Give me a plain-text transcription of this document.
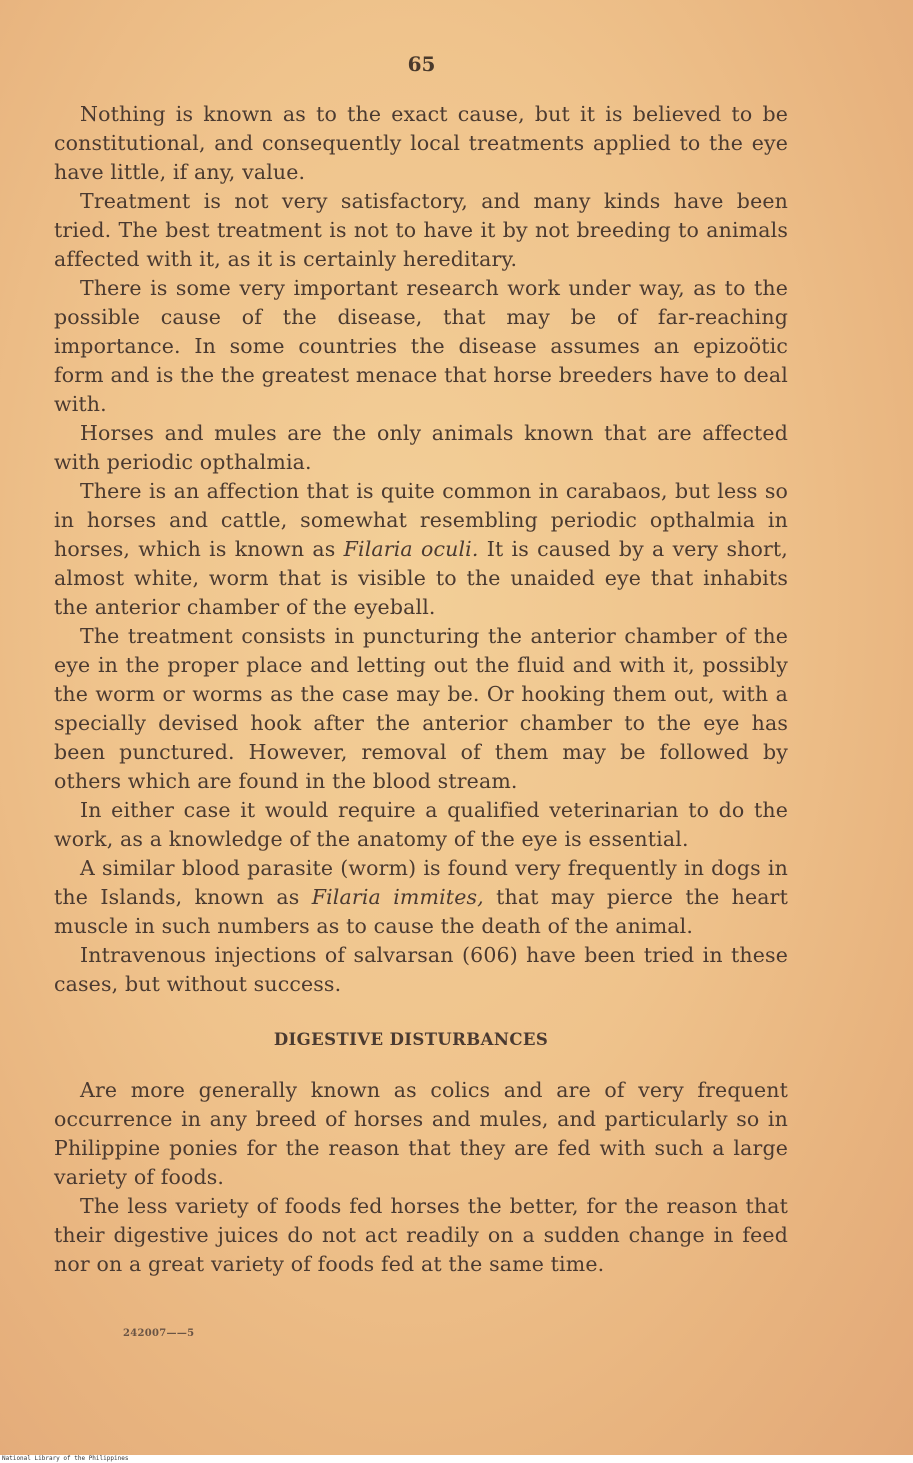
65

Nothing is known as to the exact cause, but it is believed to be constitutional, and consequently local treatments applied to the eye have little, if any, value.

Treatment is not very satisfactory, and many kinds have been tried. The best treatment is not to have it by not breeding to animals affected with it, as it is certainly hereditary.

There is some very important research work under way, as to the possible cause of the disease, that may be of far-reaching importance. In some countries the disease assumes an epizoötic form and is the the greatest menace that horse breeders have to deal with.

Horses and mules are the only animals known that are affected with periodic opthalmia.

There is an affection that is quite common in carabaos, but less so in horses and cattle, somewhat resembling periodic opthalmia in horses, which is known as Filaria oculi. It is caused by a very short, almost white, worm that is visible to the unaided eye that inhabits the anterior chamber of the eyeball.

The treatment consists in puncturing the anterior chamber of the eye in the proper place and letting out the fluid and with it, possibly the worm or worms as the case may be. Or hooking them out, with a specially devised hook after the anterior chamber to the eye has been punctured. However, removal of them may be followed by others which are found in the blood stream.

In either case it would require a qualified veterinarian to do the work, as a knowledge of the anatomy of the eye is essential.

A similar blood parasite (worm) is found very frequently in dogs in the Islands, known as Filaria immites, that may pierce the heart muscle in such numbers as to cause the death of the animal.

Intravenous injections of salvarsan (606) have been tried in these cases, but without success.

DIGESTIVE DISTURBANCES

Are more generally known as colics and are of very frequent occurrence in any breed of horses and mules, and particularly so in Philippine ponies for the reason that they are fed with such a large variety of foods.

The less variety of foods fed horses the better, for the reason that their digestive juices do not act readily on a sudden change in feed nor on a great variety of foods fed at the same time.

242007——5
National Library of the Philippines
